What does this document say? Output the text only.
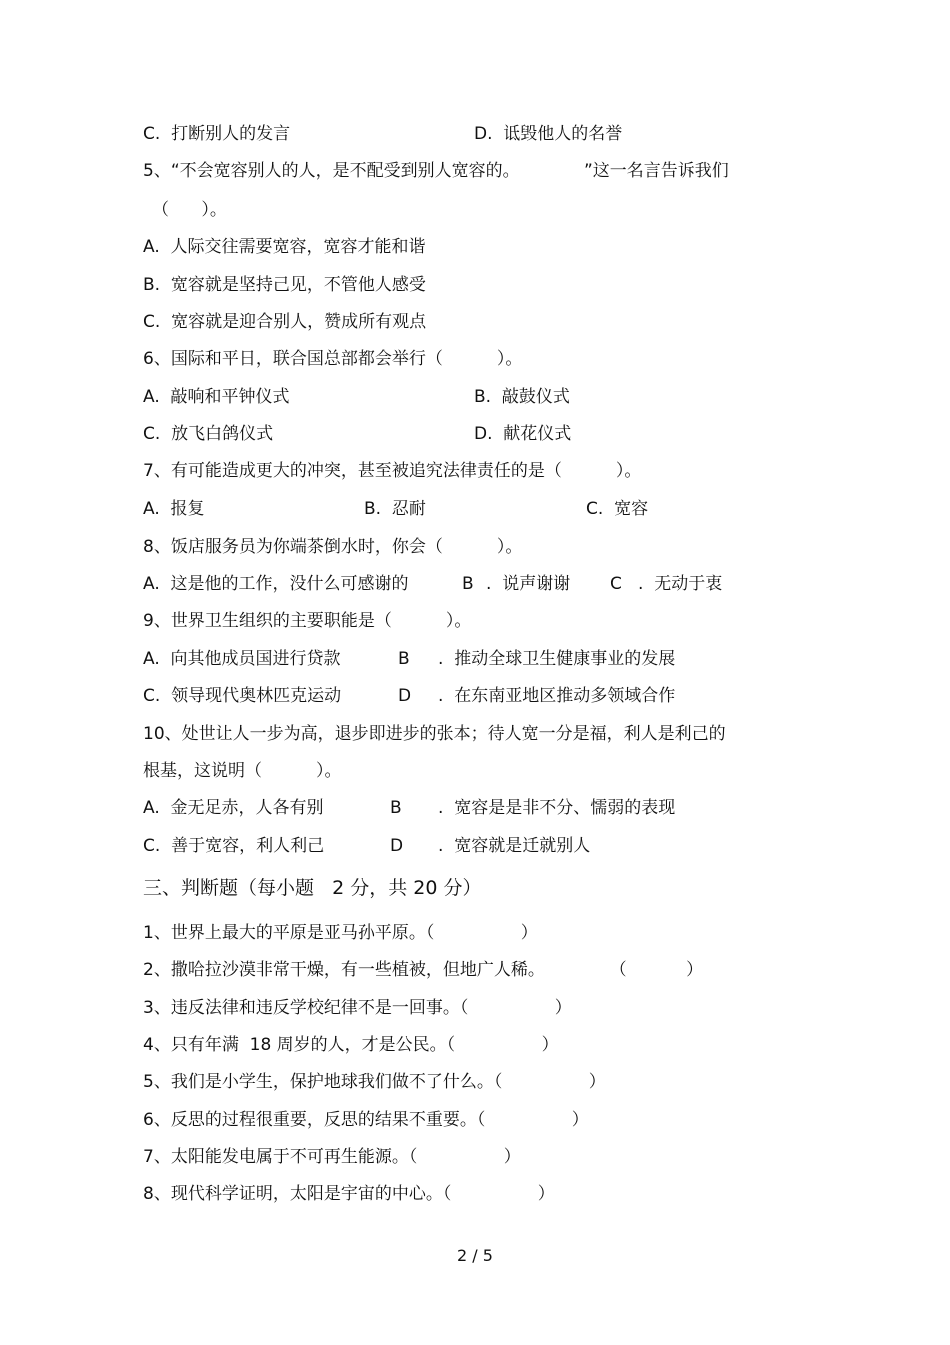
C.  打断别人的发言	D.  诋毁他人的名誉
5、“不会宽容别人的人，是不配受到别人宽容的。	”这一名言告诉我们
（      ）。
A.  人际交往需要宽容，宽容才能和谐
B.  宽容就是坚持己见，不管他人感受
C.  宽容就是迎合别人，赞成所有观点
6、国际和平日，联合国总部都会举行（          ）。
A.  敲响和平钟仪式	B.  敲鼓仪式
C.  放飞白鸽仪式	D.  献花仪式
7、有可能造成更大的冲突，甚至被追究法律责任的是（          ）。
A.  报复	B.  忍耐	C.  宽容
8、饭店服务员为你端茶倒水时，你会（          ）。
A.  这是他的工作，没什么可感谢的	B .  说声谢谢 C .  无动于衷
9、世界卫生组织的主要职能是（          ）。
A.  向其他成员国进行贷款	B .  推动全球卫生健康事业的发展
C.  领导现代奥林匹克运动	D .  在东南亚地区推动多领域合作
10、处世让人一步为高，退步即进步的张本；待人宽一分是福，利人是利己的
根基，这说明（          ）。
A.  金无足赤，人各有别	B .  宽容是是非不分、懦弱的表现
C.  善于宽容，利人利己	D .  宽容就是迁就别人
三、判断题（每小题   2 分，共 20 分）
1、世界上最大的平原是亚马孙平原。（                ）
2、撒哈拉沙漠非常干燥，有一些植被，但地广人稀。            （           ）
3、违反法律和违反学校纪律不是一回事。（                ）
4、只有年满  18 周岁的人，才是公民。（                ）
5、我们是小学生，保护地球我们做不了什么。（                ）
6、反思的过程很重要，反思的结果不重要。（                ）
7、太阳能发电属于不可再生能源。（                ）
8、现代科学证明，太阳是宇宙的中心。（                ）
2 / 5
